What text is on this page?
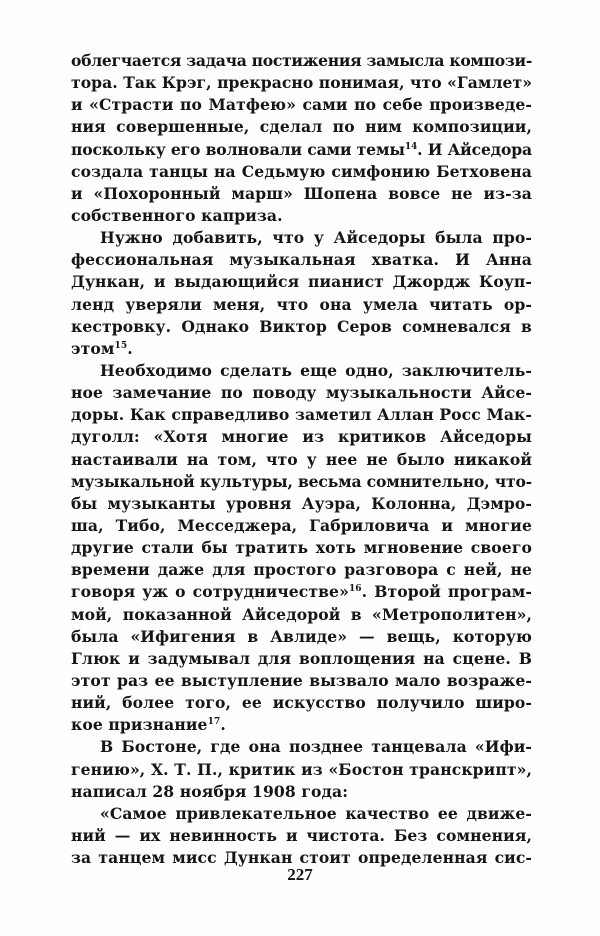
облегчается задача постижения замысла компози-
тора. Так Крэг, прекрасно понимая, что «Гамлет»
и «Страсти по Матфею» сами по себе произведе-
ния совершенные, сделал по ним композиции,
поскольку его волновали сами темы$^{14}$. И Айседора
создала танцы на Седьмую симфонию Бетховена
и «Похоронный марш» Шопена вовсе не из-за
собственного каприза.
Нужно добавить, что у Айседоры была про-
фессиональная музыкальная хватка. И Анна
Дункан, и выдающийся пианист Джордж Коуп-
ленд уверяли меня, что она умела читать ор-
кестровку. Однако Виктор Серов сомневался в
этом$^{15}$.
Необходимо сделать еще одно, заключитель-
ное замечание по поводу музыкальности Айсе-
доры. Как справедливо заметил Аллан Росс Мак-
дуголл: «Хотя многие из критиков Айседоры
настаивали на том, что у нее не было никакой
музыкальной культуры, весьма сомнительно, что-
бы музыканты уровня Ауэра, Колонна, Дэмро-
ша, Тибо, Месседжера, Габриловича и многие
другие стали бы тратить хоть мгновение своего
времени даже для простого разговора с ней, не
говоря уж о сотрудничестве»$^{16}$. Второй програм-
мой, показанной Айседорой в «Метрополитен»,
была «Ифигения в Авлиде» — вещь, которую
Глюк и задумывал для воплощения на сцене. В
этот раз ее выступление вызвало мало возраже-
ний, более того, ее искусство получило широ-
кое признание$^{17}$.
В Бостоне, где она позднее танцевала «Ифи-
гению», Х. Т. П., критик из «Бостон транскрипт»,
написал 28 ноября 1908 года:
«Самое привлекательное качество ее движе-
ний — их невинность и чистота. Без сомнения,
за танцем мисс Дункан стоит определенная сис-
227
